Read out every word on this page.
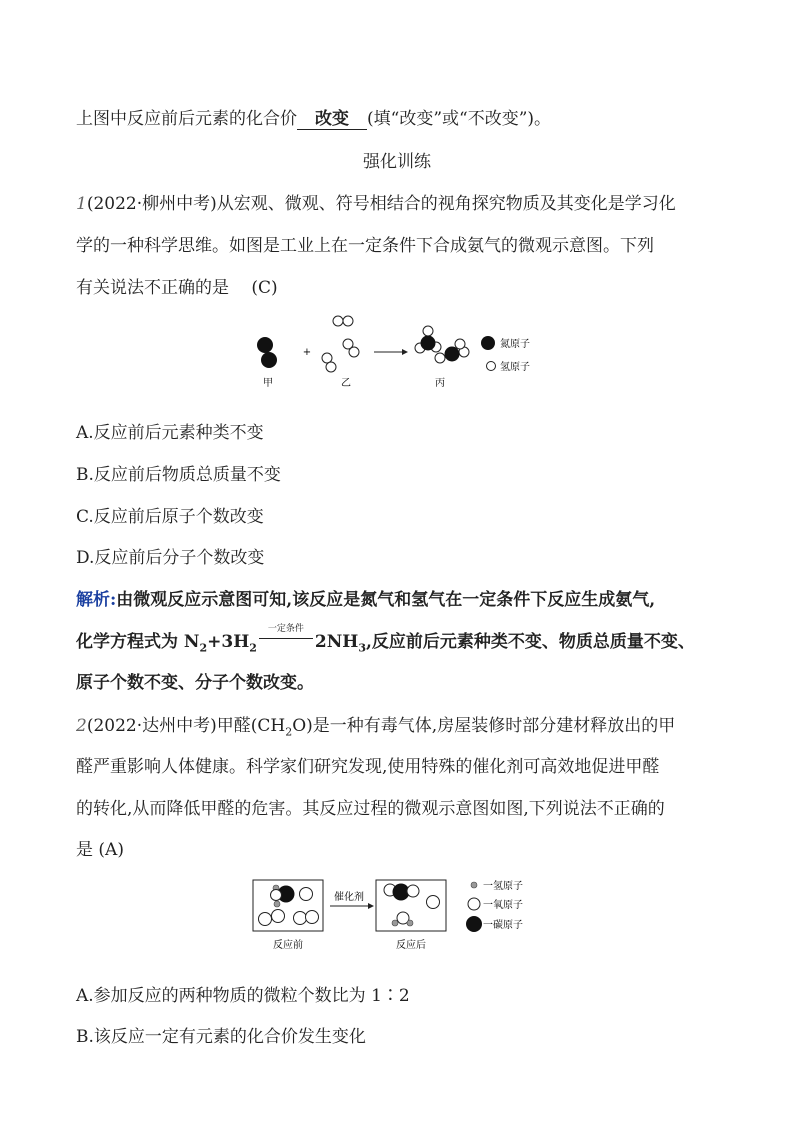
上图中反应前后元素的化合价 改变 (填“改变”或“不改变”)。
强化训练
1(2022·柳州中考)从宏观、微观、符号相结合的视角探究物质及其变化是学习化
学的一种科学思维。如图是工业上在一定条件下合成氨气的微观示意图。下列
有关说法不正确的是　 (C)
甲
+
乙	丙
氮原子
氢原子
A.反应前后元素种类不变
B.反应前后物质总质量不变
C.反应前后原子个数改变
D.反应前后分子个数改变
解析:由微观反应示意图可知,该反应是氮气和氢气在一定条件下反应生成氨气,
化学方程式为 $N_2+3H_2$
一定条件
$2NH_3$,反应前后元素种类不变、物质总质量不变、
原子个数不变、分子个数改变。
2(2022·达州中考)甲醛$(CH_2O)$是一种有毒气体,房屋装修时部分建材释放出的甲
醛严重影响人体健康。科学家们研究发现,使用特殊的催化剂可高效地促进甲醛
的转化,从而降低甲醛的危害。其反应过程的微观示意图如图,下列说法不正确的
是 (A)
反应前
催化剂
反应后
一氢原子
一氧原子
一碳原子
A.参加反应的两种物质的微粒个数比为 1∶2
B.该反应一定有元素的化合价发生变化
